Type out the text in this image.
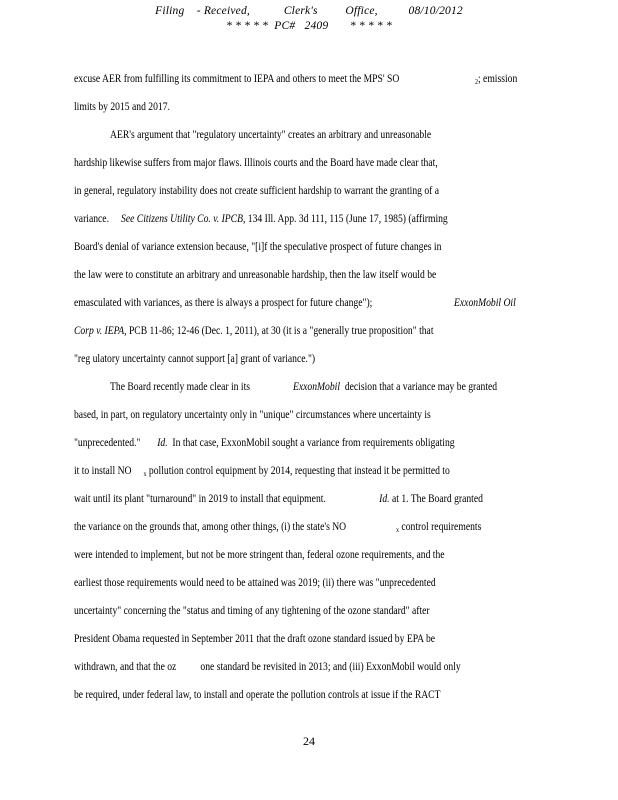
Filing    - Received,           Clerk's         Office,          08/10/2012
* * * * *  PC#   2409       * * * * *
excuse AER from fulfilling its commitment to IEPA and others to meet the MPS' SO	$_2$; emission
limits by 2015 and 2017.
AER's argument that "regulatory uncertainty" creates an arbitrary and unreasonable
hardship likewise suffers from major flaws. Illinois courts and the Board have made clear that,
in general, regulatory instability does not create sufficient hardship to warrant the granting of a
variance. See Citizens Utility Co. v. IPCB, 134 Ill. App. 3d 111, 115 (June 17, 1985) (affirming
Board's denial of variance extension because, "[i]f the speculative prospect of future changes in
the law were to constitute an arbitrary and unreasonable hardship, then the law itself would be
emasculated with variances, as there is always a prospect for future change");	ExxonMobil Oil
Corp v. IEPA, PCB 11-86; 12-46 (Dec. 1, 2011), at 30 (it is a "generally true proposition" that
"reg ulatory uncertainty cannot support [a] grant of variance.")
The Board recently made clear in its	ExxonMobil decision that a variance may be granted
based, in part, on regulatory uncertainty only in "unique" circumstances where uncertainty is
"unprecedented." Id. In that case, ExxonMobil sought a variance from requirements obligating
it to install NO $_x$ pollution control equipment by 2014, requesting that instead it be permitted to
wait until its plant "turnaround" in 2019 to install that equipment.	Id. at 1. The Board granted
the variance on the grounds that, among other things, (i) the state's NO	$_x$ control requirements
were intended to implement, but not be more stringent than, federal ozone requirements, and the
earliest those requirements would need to be attained was 2019; (ii) there was "unprecedented
uncertainty" concerning the "status and timing of any tightening of the ozone standard" after
President Obama requested in September 2011 that the draft ozone standard issued by EPA be
withdrawn, and that the oz one standard be revisited in 2013; and (iii) ExxonMobil would only
be required, under federal law, to install and operate the pollution controls at issue if the RACT
24
